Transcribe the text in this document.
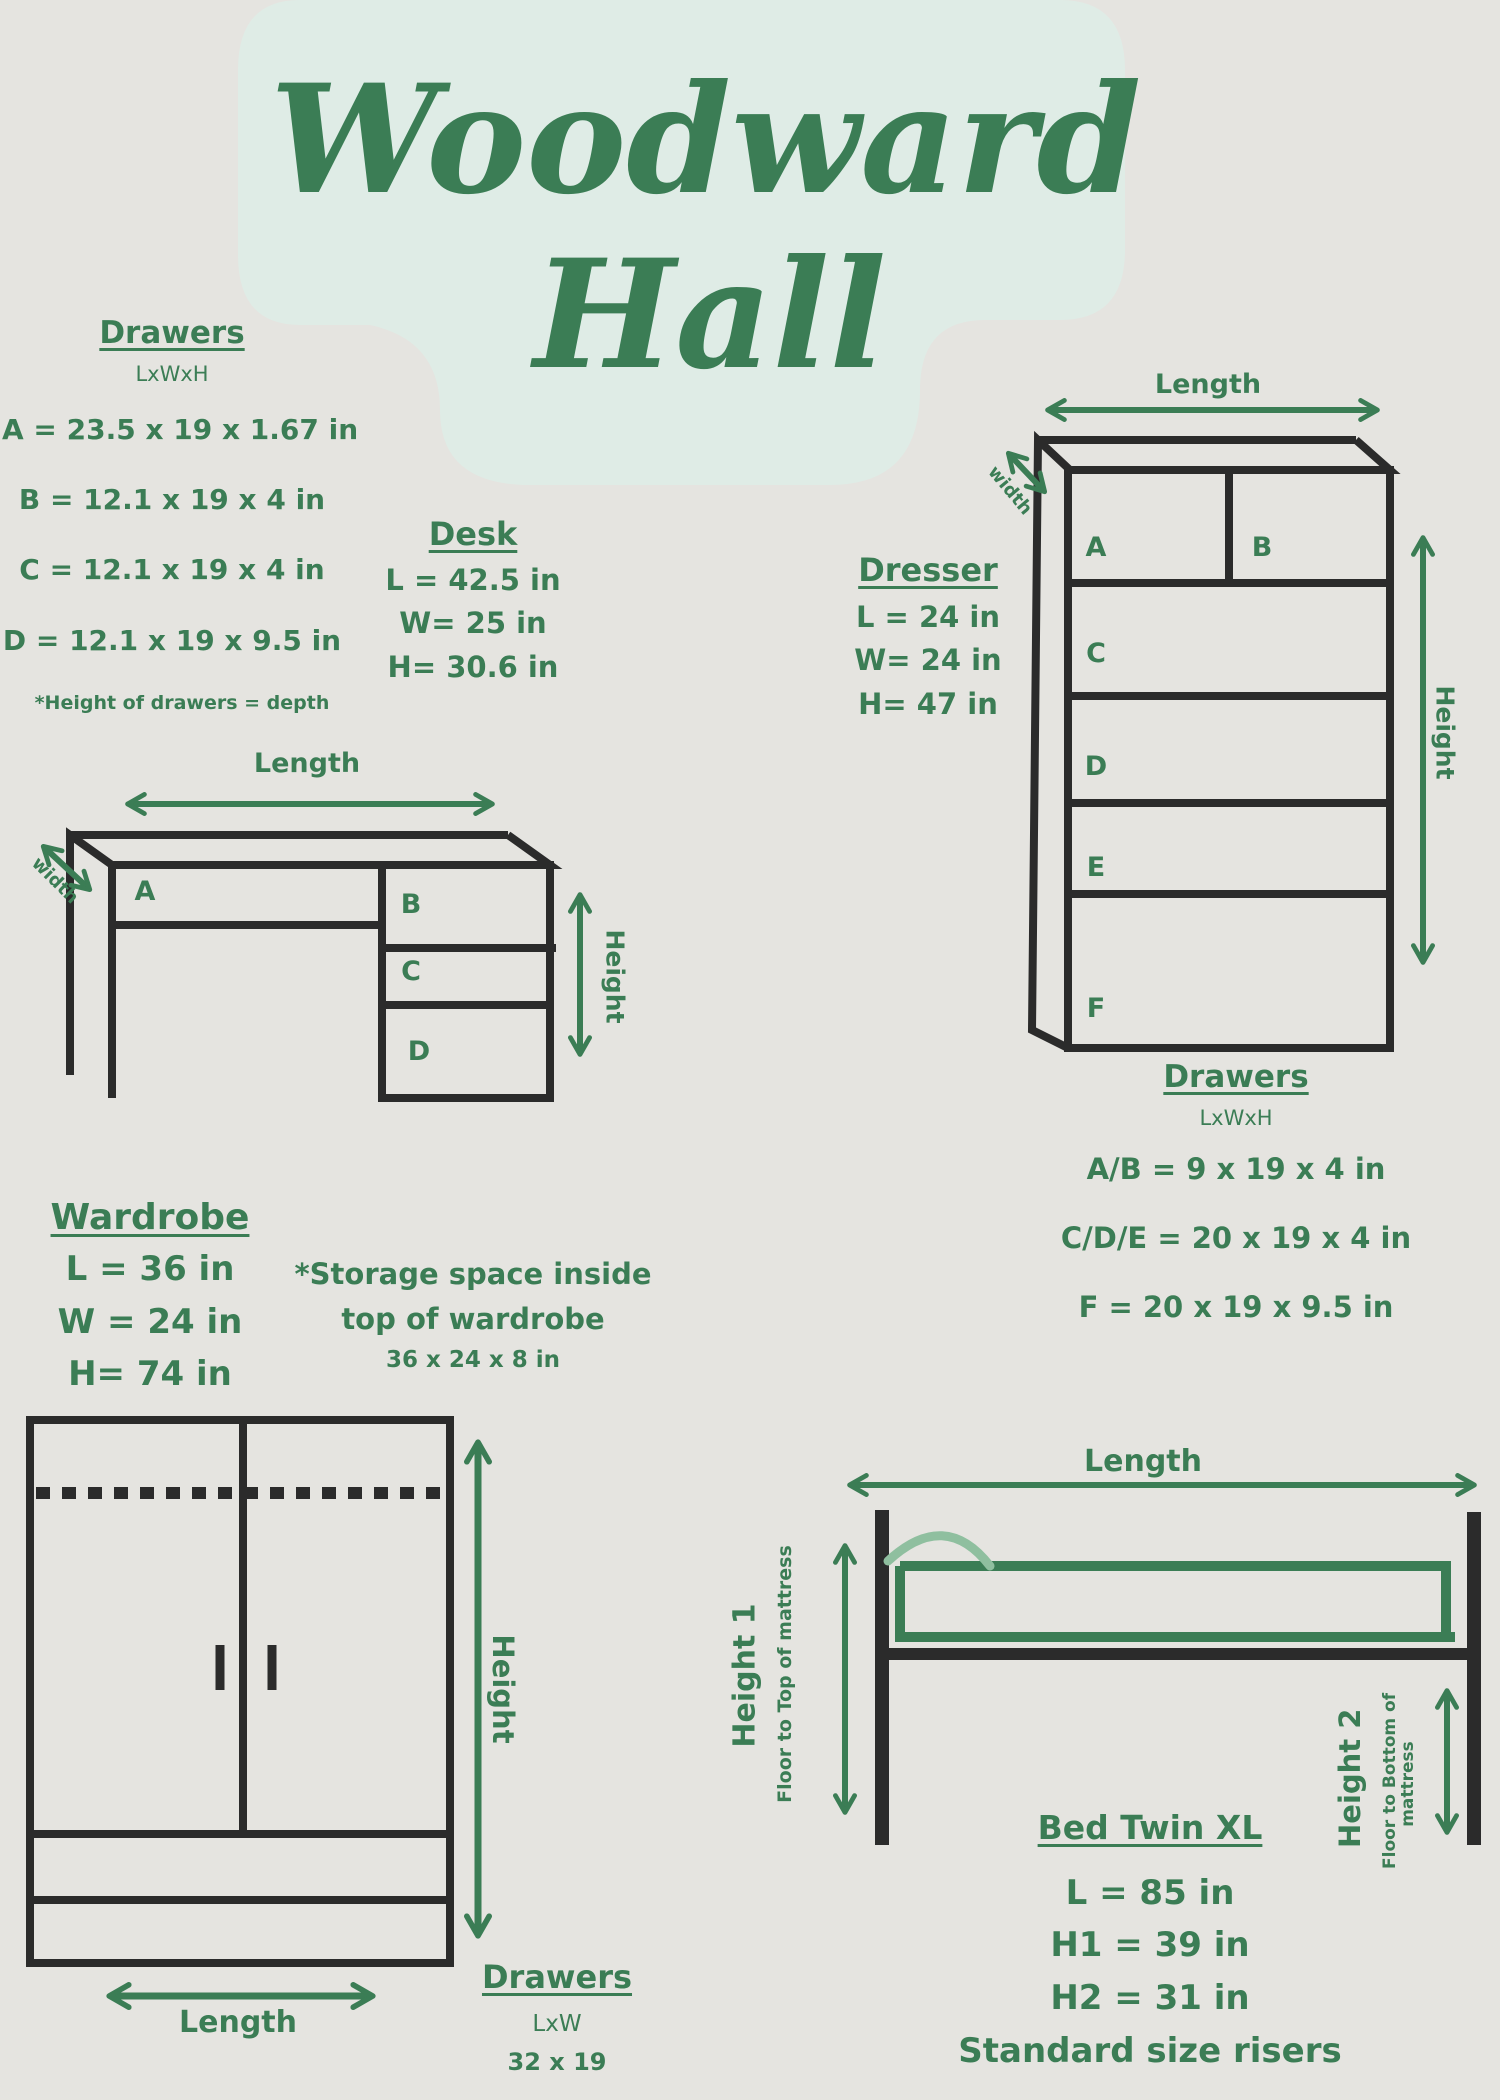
Woodward
Hall
Drawers
LxWxH
A = 23.5 x 19 x 1.67 in
B = 12.1 x 19 x 4 in
C = 12.1 x 19 x 4 in
D = 12.1 x 19 x 9.5 in
*Height of drawers = depth
Desk
L = 42.5 in
W= 25 in
H= 30.6 in
Length
width
Height
A	B
C
D
Dresser
L = 24 in
W= 24 in
H= 47 in
Length
width
Height
A	B
C
D
E
F
Drawers
LxWxH
A/B = 9 x 19 x 4 in
C/D/E = 20 x 19 x 4 in
F = 20 x 19 x 9.5 in
Wardrobe
L = 36 in
W = 24 in
H= 74 in
*Storage space inside
top of wardrobe
36 x 24 x 8 in
Height
Length
Drawers
LxW
32 x 19
Length
Height 1 Floor to Top of mattress	Height 2 Floor to Bottom of
mattress
Bed Twin XL
L = 85 in
H1 = 39 in
H2 = 31 in
Standard size risers
